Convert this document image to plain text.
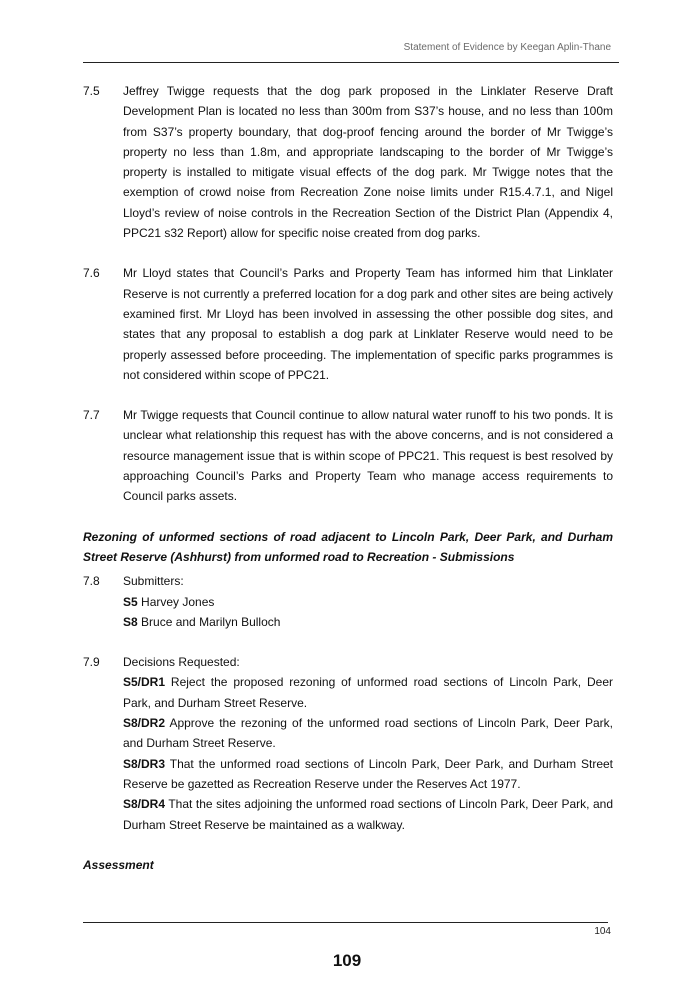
Statement of Evidence by Keegan Aplin-Thane
7.5	Jeffrey Twigge requests that the dog park proposed in the Linklater Reserve Draft Development Plan is located no less than 300m from S37’s house, and no less than 100m from S37’s property boundary, that dog-proof fencing around the border of Mr Twigge’s property no less than 1.8m, and appropriate landscaping to the border of Mr Twigge’s property is installed to mitigate visual effects of the dog park. Mr Twigge notes that the exemption of crowd noise from Recreation Zone noise limits under R15.4.7.1, and Nigel Lloyd’s review of noise controls in the Recreation Section of the District Plan (Appendix 4, PPC21 s32 Report) allow for specific noise created from dog parks.
7.6	Mr Lloyd states that Council’s Parks and Property Team has informed him that Linklater Reserve is not currently a preferred location for a dog park and other sites are being actively examined first. Mr Lloyd has been involved in assessing the other possible dog sites, and states that any proposal to establish a dog park at Linklater Reserve would need to be properly assessed before proceeding. The implementation of specific parks programmes is not considered within scope of PPC21.
7.7	Mr Twigge requests that Council continue to allow natural water runoff to his two ponds. It is unclear what relationship this request has with the above concerns, and is not considered a resource management issue that is within scope of PPC21. This request is best resolved by approaching Council’s Parks and Property Team who manage access requirements to Council parks assets.
Rezoning of unformed sections of road adjacent to Lincoln Park, Deer Park, and Durham Street Reserve (Ashhurst) from unformed road to Recreation - Submissions
7.8	Submitters:
S5 Harvey Jones
S8 Bruce and Marilyn Bulloch
7.9	Decisions Requested:
S5/DR1 Reject the proposed rezoning of unformed road sections of Lincoln Park, Deer Park, and Durham Street Reserve.
S8/DR2 Approve the rezoning of the unformed road sections of Lincoln Park, Deer Park, and Durham Street Reserve.
S8/DR3 That the unformed road sections of Lincoln Park, Deer Park, and Durham Street Reserve be gazetted as Recreation Reserve under the Reserves Act 1977.
S8/DR4 That the sites adjoining the unformed road sections of Lincoln Park, Deer Park, and Durham Street Reserve be maintained as a walkway.
Assessment
104
109
